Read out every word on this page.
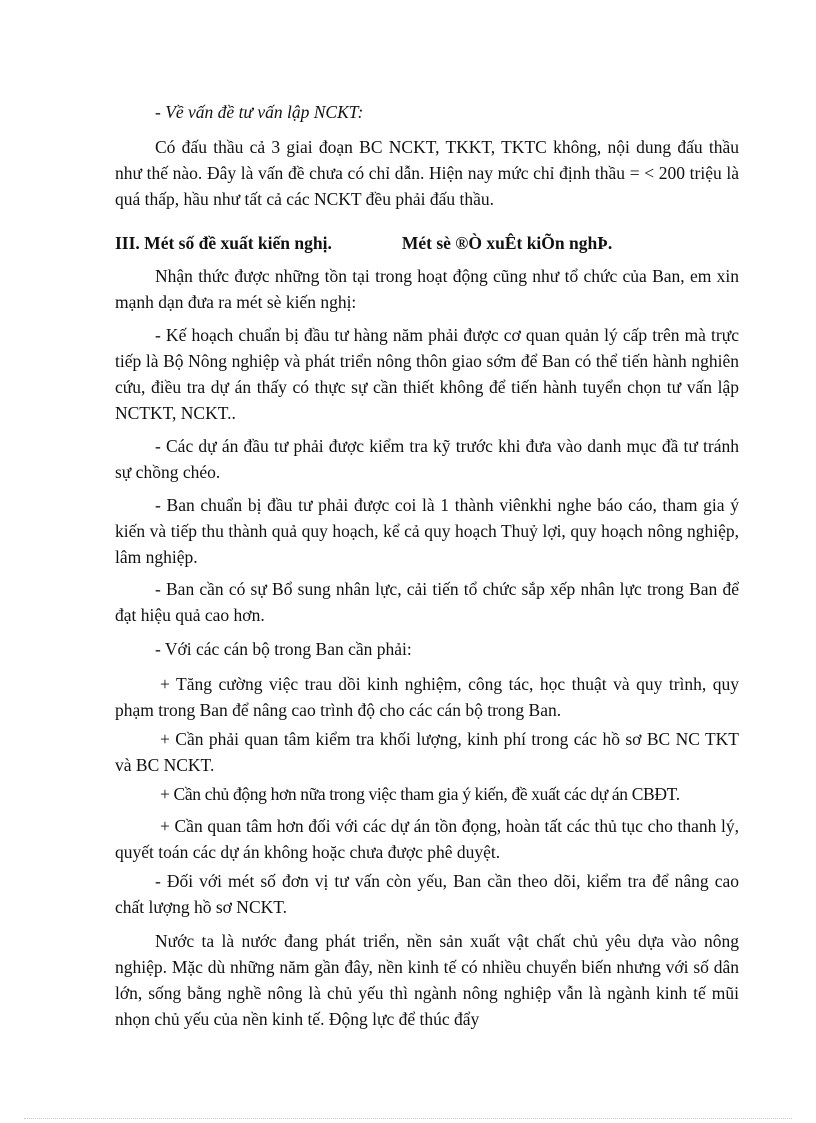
- Về vấn đề tư vấn lập NCKT:

Có đấu thầu cả 3 giai đoạn BC NCKT, TKKT, TKTC không, nội dung đấu thầu như thế nào. Đây là vấn đề chưa có chỉ dẫn. Hiện nay mức chỉ định thầu = < 200 triệu là quá thấp, hầu như tất cả các NCKT đều phải đấu thầu.

III. Mét số đề xuất kiến nghị.	Mét sè ®Ò xuÊt kiÕn nghÞ.

Nhận thức được những tồn tại trong hoạt động cũng như tổ chức của Ban, em xin mạnh dạn đưa ra mét sè kiến nghị:

- Kế hoạch chuẩn bị đầu tư hàng năm phải được cơ quan quản lý cấp trên mà trực tiếp là Bộ Nông nghiệp và phát triển nông thôn giao sớm để Ban có thể tiến hành nghiên cứu, điều tra dự án thấy có thực sự cần thiết không để tiến hành tuyển chọn tư vấn lập NCTKT, NCKT..

- Các dự án đầu tư phải được kiểm tra kỹ trước khi đưa vào danh mục đầ tư tránh sự chồng chéo.

- Ban chuẩn bị đầu tư phải được coi là 1 thành viênkhi nghe báo cáo, tham gia ý kiến và tiếp thu thành quả quy hoạch, kể cả quy hoạch Thuỷ lợi, quy hoạch nông nghiệp, lâm nghiệp.

- Ban cần có sự Bổ sung nhân lực, cải tiến tổ chức sắp xếp nhân lực trong Ban để đạt hiệu quả cao hơn.

- Với các cán bộ trong Ban cần phải:

+ Tăng cường việc trau dồi kinh nghiệm, công tác, học thuật và quy trình, quy phạm trong Ban để nâng cao trình độ cho các cán bộ trong Ban.

+ Cần phải quan tâm kiểm tra khối lượng, kinh phí trong các hồ sơ BC NC TKT và BC NCKT.

+ Cần chủ động hơn nữa trong việc tham gia ý kiến, đề xuất các dự án CBĐT.

+ Cần quan tâm hơn đối với các dự án tồn đọng, hoàn tất các thủ tục cho thanh lý, quyết toán các dự án không hoặc chưa được phê duyệt.

- Đối với mét số đơn vị tư vấn còn yếu, Ban cần theo dõi, kiểm tra để nâng cao chất lượng hồ sơ NCKT.

Nước ta là nước đang phát triển, nền sản xuất vật chất chủ yêu dựa vào nông nghiệp. Mặc dù những năm gần đây, nền kinh tế có nhiều chuyển biến nhưng với số dân lớn, sống bằng nghề nông là chủ yếu thì ngành nông nghiệp vẫn là ngành kinh tế mũi nhọn chủ yếu của nền kinh tế. Động lực để thúc đẩy
